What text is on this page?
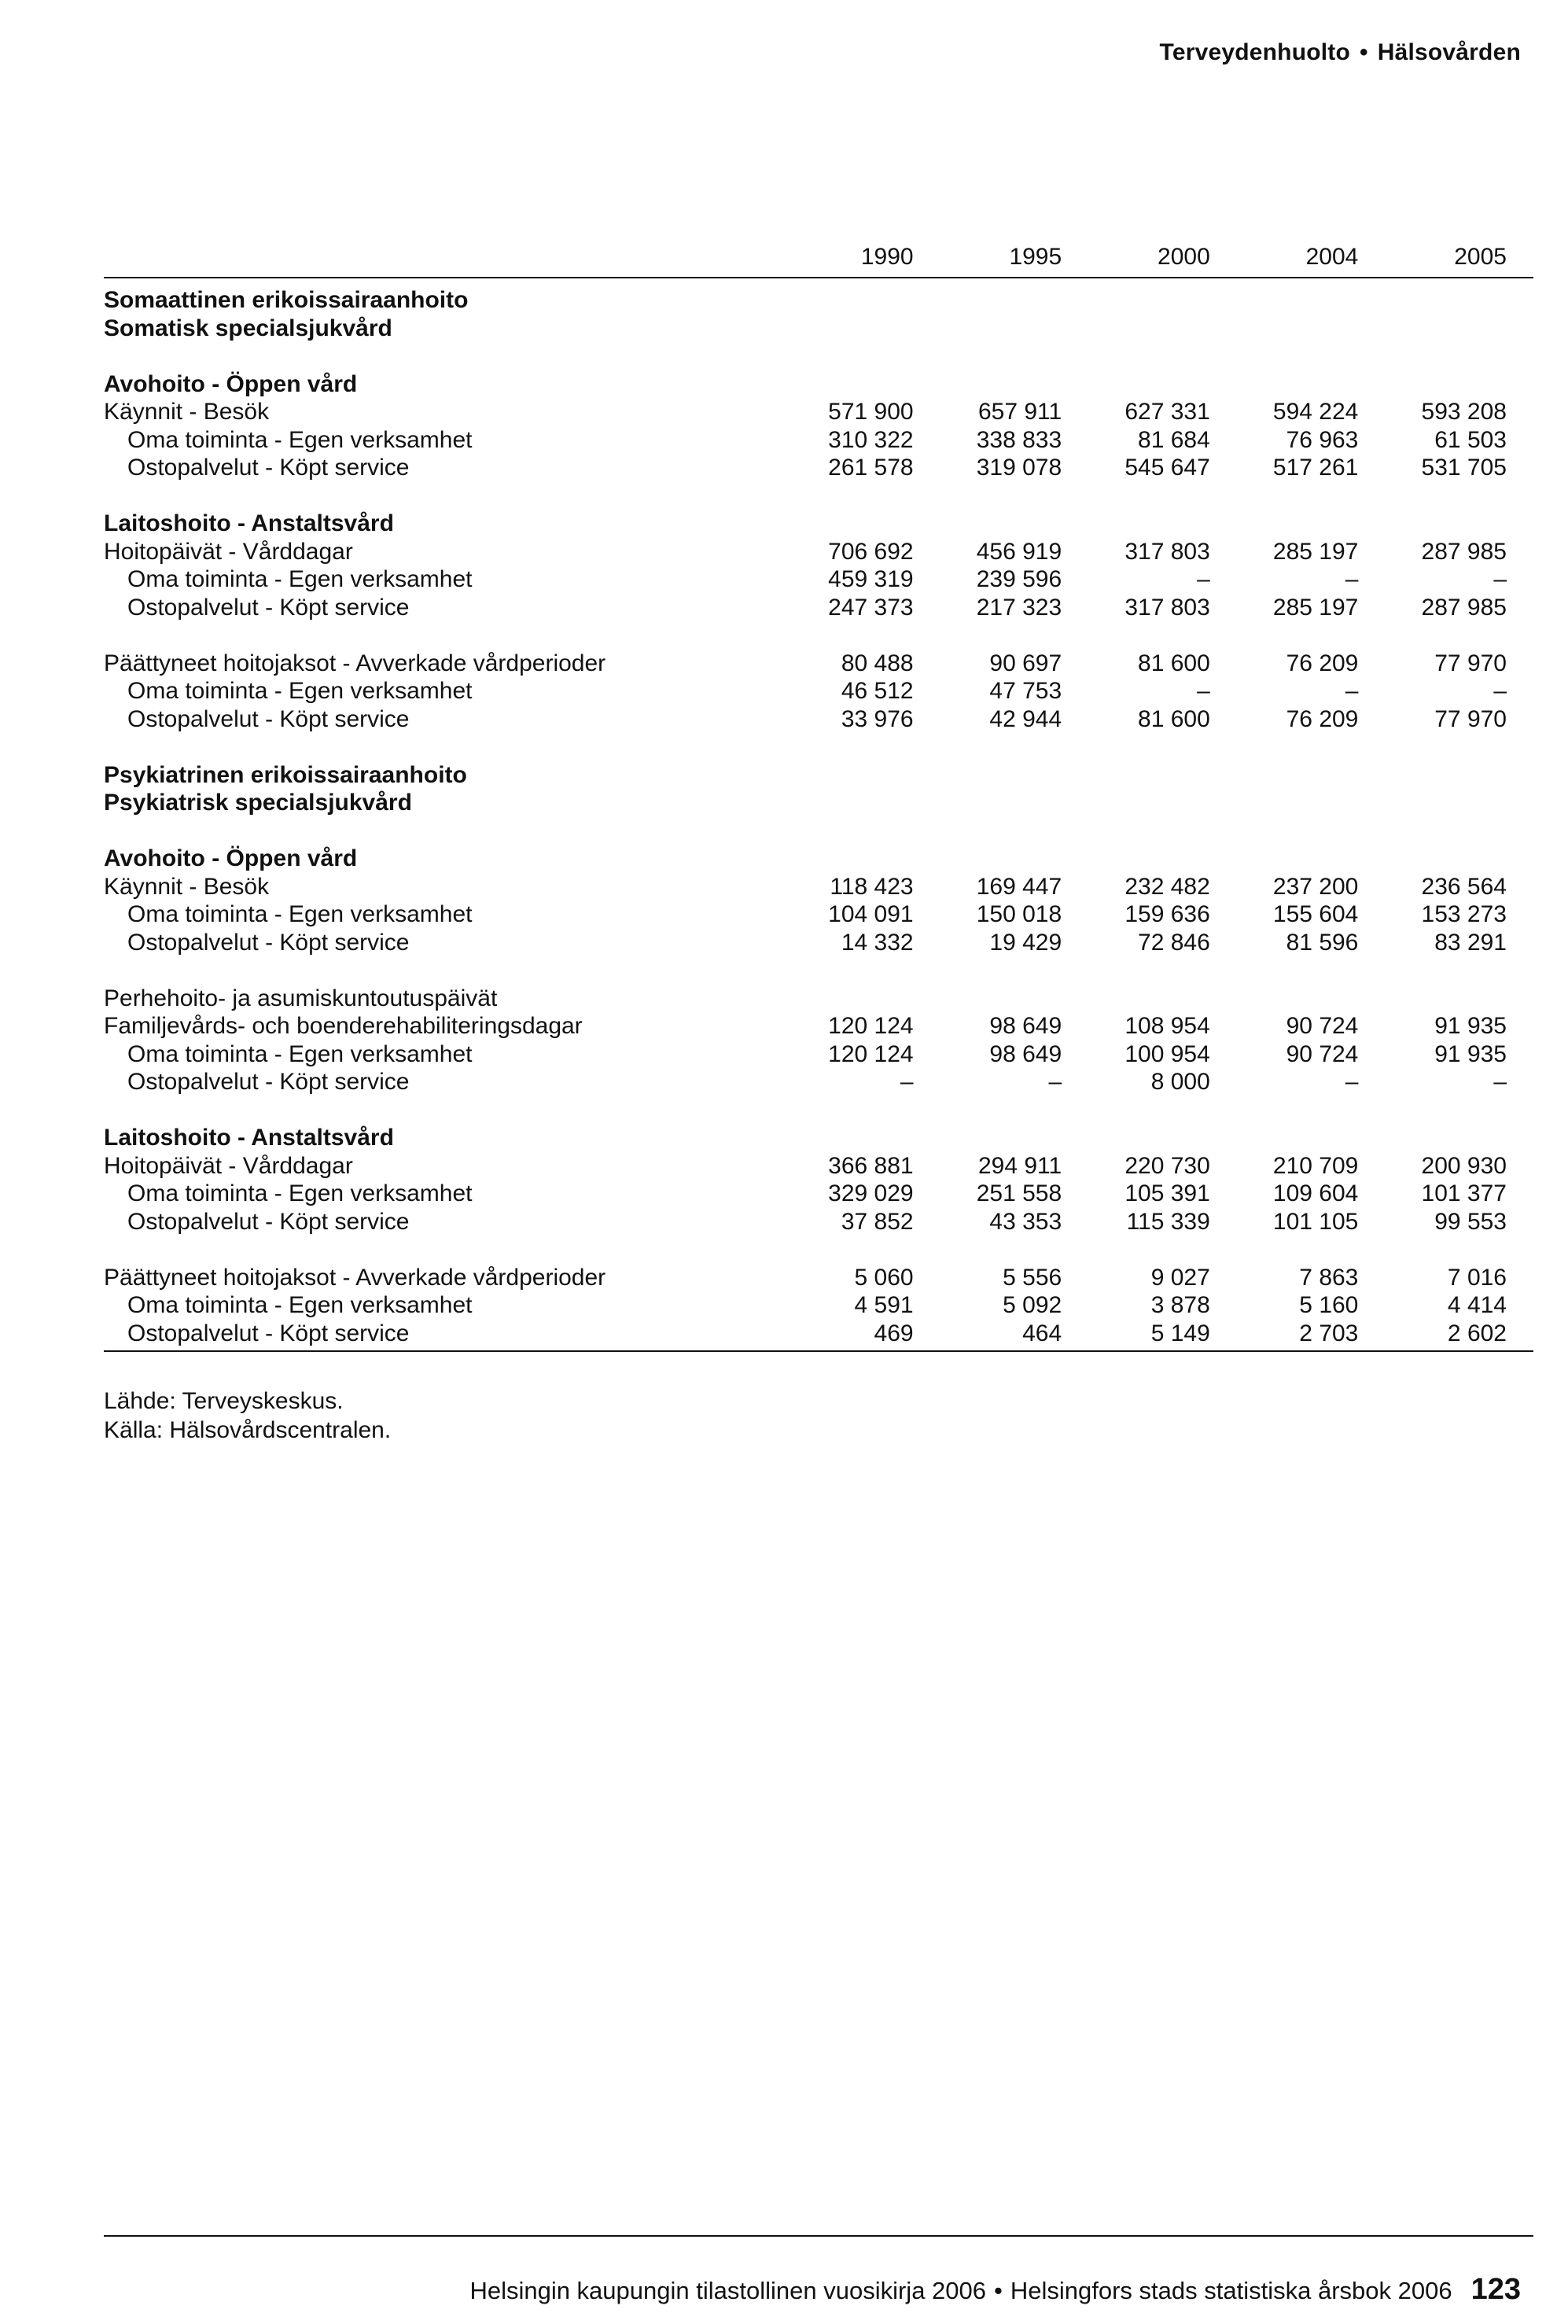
Terveydenhuolto • Hälsovården
	1990	1995	2000	2004	2005

Somaattinen erikoissairaanhoito					
Somatisk specialsjukvård					

Avohoito - Öppen vård					
Käynnit - Besök	571 900	657 911	627 331	594 224	593 208
Oma toiminta - Egen verksamhet	310 322	338 833	81 684	76 963	61 503
Ostopalvelut - Köpt service	261 578	319 078	545 647	517 261	531 705

Laitoshoito - Anstaltsvård					
Hoitopäivät - Vårddagar	706 692	456 919	317 803	285 197	287 985
Oma toiminta - Egen verksamhet	459 319	239 596	–	–	–
Ostopalvelut - Köpt service	247 373	217 323	317 803	285 197	287 985

Päättyneet hoitojaksot - Avverkade vårdperioder	80 488	90 697	81 600	76 209	77 970
Oma toiminta - Egen verksamhet	46 512	47 753	–	–	–
Ostopalvelut - Köpt service	33 976	42 944	81 600	76 209	77 970

Psykiatrinen erikoissairaanhoito					
Psykiatrisk specialsjukvård					

Avohoito - Öppen vård					
Käynnit - Besök	118 423	169 447	232 482	237 200	236 564
Oma toiminta - Egen verksamhet	104 091	150 018	159 636	155 604	153 273
Ostopalvelut - Köpt service	14 332	19 429	72 846	81 596	83 291

Perhehoito- ja asumiskuntoutuspäivät					
Familjevårds- och boenderehabiliteringsdagar	120 124	98 649	108 954	90 724	91 935
Oma toiminta - Egen verksamhet	120 124	98 649	100 954	90 724	91 935
Ostopalvelut - Köpt service	–	–	8 000	–	–

Laitoshoito - Anstaltsvård					
Hoitopäivät - Vårddagar	366 881	294 911	220 730	210 709	200 930
Oma toiminta - Egen verksamhet	329 029	251 558	105 391	109 604	101 377
Ostopalvelut - Köpt service	37 852	43 353	115 339	101 105	99 553

Päättyneet hoitojaksot - Avverkade vårdperioder	5 060	5 556	9 027	7 863	7 016
Oma toiminta - Egen verksamhet	4 591	5 092	3 878	5 160	4 414
Ostopalvelut - Köpt service	469	464	5 149	2 703	2 602
Lähde: Terveyskeskus.
Källa: Hälsovårdscentralen.
Helsingin kaupungin tilastollinen vuosikirja 2006 • Helsingfors stads statistiska årsbok 2006 123
